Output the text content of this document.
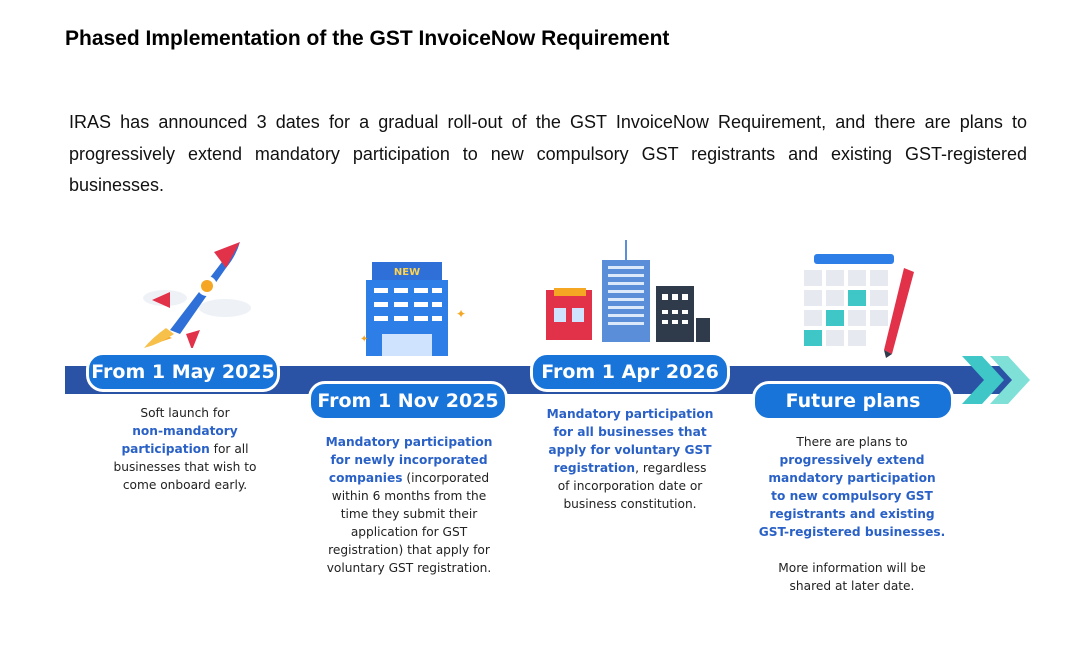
Phased Implementation of the GST InvoiceNow Requirement
IRAS has announced 3 dates for a gradual roll-out of the GST InvoiceNow Requirement, and there are plans to progressively extend mandatory participation to new compulsory GST registrants and existing GST-registered businesses.
NEW
✦
✦
From 1 May 2025
From 1 Nov 2025
From 1 Apr 2026
Future plans
Soft launch for
non-mandatory
participation for all
businesses that wish to
come onboard early.
Mandatory participation
for newly incorporated
companies (incorporated
within 6 months from the
time they submit their
application for GST
registration) that apply for
voluntary GST registration.
Mandatory participation
for all businesses that
apply for voluntary GST
registration, regardless
of incorporation date or
business constitution.
There are plans to
progressively extend
mandatory participation
to new compulsory GST
registrants and existing
GST-registered businesses.
More information will be
shared at later date.
